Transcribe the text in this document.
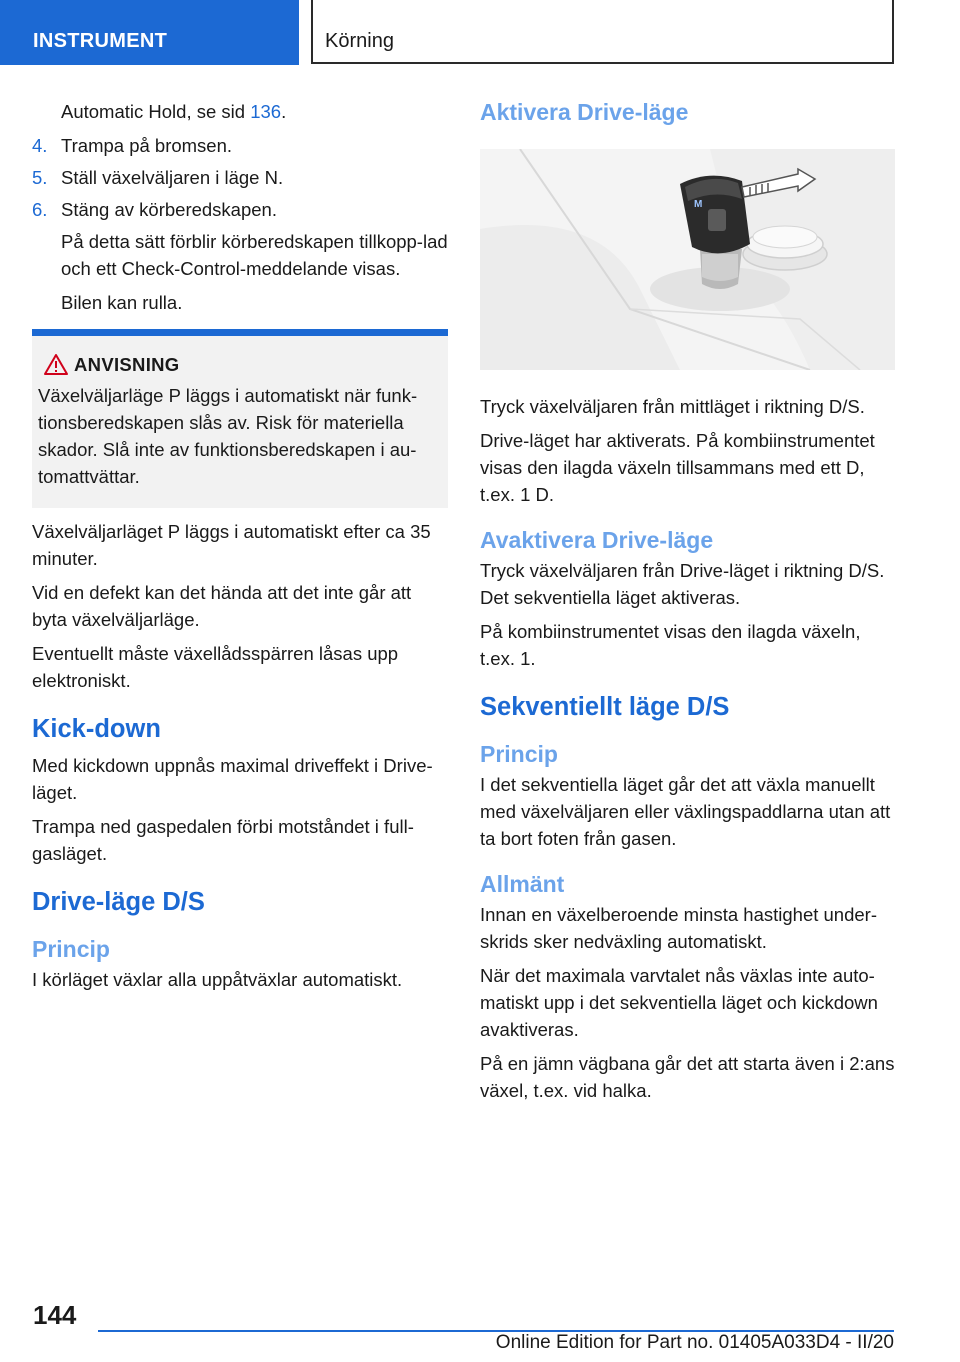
INSTRUMENT	Körning

Automatic Hold, se sid 136.

4. Trampa på bromsen.
5. Ställ växelväljaren i läge N.
6. Stäng av körberedskapen.

På detta sätt förblir körberedskapen tillkopp‐lad och ett Check-Control-meddelande visas.

Bilen kan rulla.

ANVISNING

Växelväljarläge P läggs i automatiskt när funk‐tionsberedskapen slås av. Risk för materiella skador. Slå inte av funktionsberedskapen i au‐tomattvättar.

Växelväljarläget P läggs i automatiskt efter ca 35 minuter.

Vid en defekt kan det hända att det inte går att byta växelväljarläge.

Eventuellt måste växellådsspärren låsas upp elektroniskt.

Kick-down

Med kickdown uppnås maximal driveffekt i Drive-läget.

Trampa ned gaspedalen förbi motståndet i full‐gasläget.

Drive-läge D/S
Princip

I körläget växlar alla uppåtväxlar automatiskt.

Aktivera Drive-läge
M

Tryck växelväljaren från mittläget i riktning D/S.

Drive-läget har aktiverats. På kombiinstrumentet visas den ilagda växeln tillsammans med ett D, t.ex. 1 D.

Avaktivera Drive-läge

Tryck växelväljaren från Drive-läget i riktning D/S. Det sekventiella läget aktiveras.

På kombiinstrumentet visas den ilagda växeln, t.ex. 1.

Sekventiellt läge D/S
Princip

I det sekventiella läget går det att växla manuellt med växelväljaren eller växlingspaddlarna utan att ta bort foten från gasen.

Allmänt

Innan en växelberoende minsta hastighet under‐skrids sker nedväxling automatiskt.

När det maximala varvtalet nås växlas inte auto‐matiskt upp i det sekventiella läget och kickdown avaktiveras.

På en jämn vägbana går det att starta även i 2:ans växel, t.ex. vid halka.

144
Online Edition for Part no. 01405A033D4 - II/20
